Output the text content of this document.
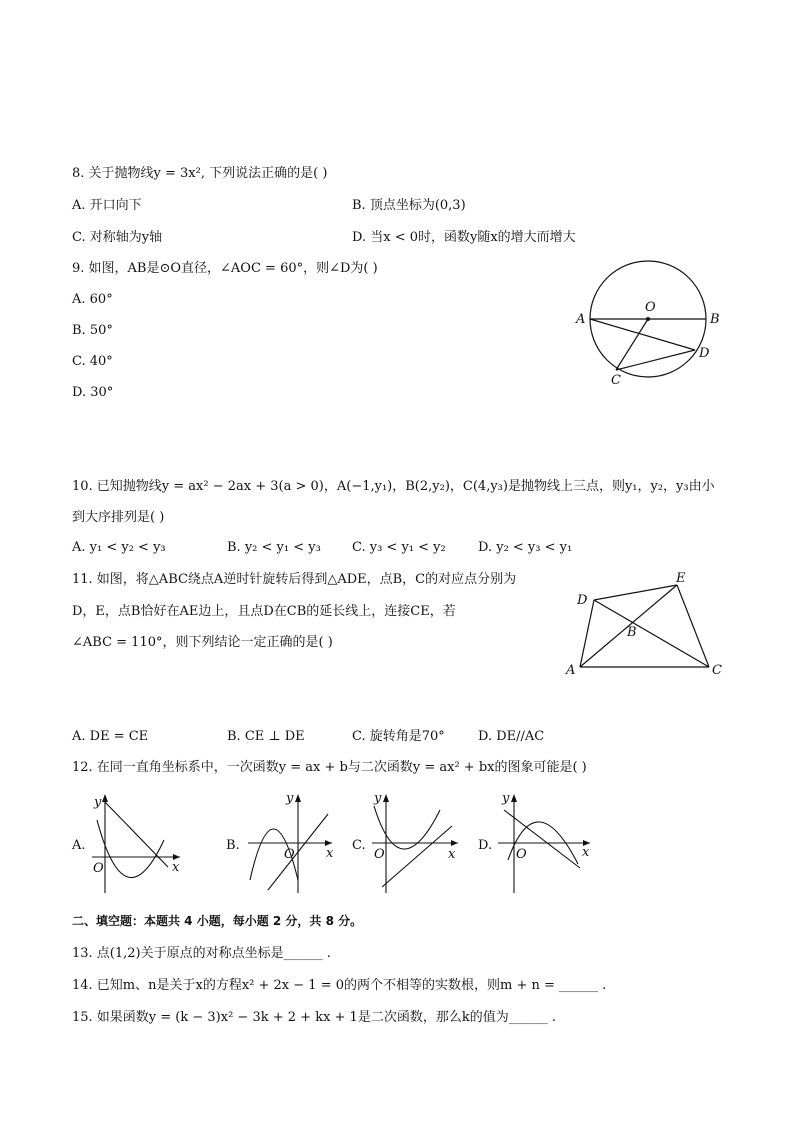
8. 关于抛物线y = 3x², 下列说法正确的是( )
A. 开口向下	B. 顶点坐标为(0,3)
C. 对称轴为y轴	D. 当x < 0时，函数y随x的增大而增大
9. 如图，AB是⊙O直径，∠AOC = 60°，则∠D为( )
A. 60°
B. 50°
C. 40°
D. 30°
A	B
O
C
D
10. 已知抛物线y = ax² − 2ax + 3(a > 0)，A(−1,y₁)，B(2,y₂)，C(4,y₃)是抛物线上三点，则y₁，y₂，y₃由小
到大序排列是( )
A. y₁ < y₂ < y₃	B. y₂ < y₁ < y₃ C. y₃ < y₁ < y₂ D. y₂ < y₃ < y₁
11. 如图，将△ABC绕点A逆时针旋转后得到△ADE，点B，C的对应点分别为
D，E，点B恰好在AE边上，且点D在CB的延长线上，连接CE，若
∠ABC = 110°，则下列结论一定正确的是( )
A
D
E
C
B
A. DE = CE	B. CE ⊥ DE	C. 旋转角是70°	D. DE//AC
12. 在同一直角坐标系中，一次函数y = ax + b与二次函数y = ax² + bx的图象可能是( )
A.
y
x
O
B.
y
x
O
C.
y
x
O
D.
y
x
O
二、填空题：本题共 4 小题，每小题 2 分，共 8 分。
13. 点(1,2)关于原点的对称点坐标是______ .
14. 已知m、n是关于x的方程x² + 2x − 1 = 0的两个不相等的实数根，则m + n = ______ .
15. 如果函数y = (k − 3)x² − 3k + 2 + kx + 1是二次函数，那么k的值为______ .
